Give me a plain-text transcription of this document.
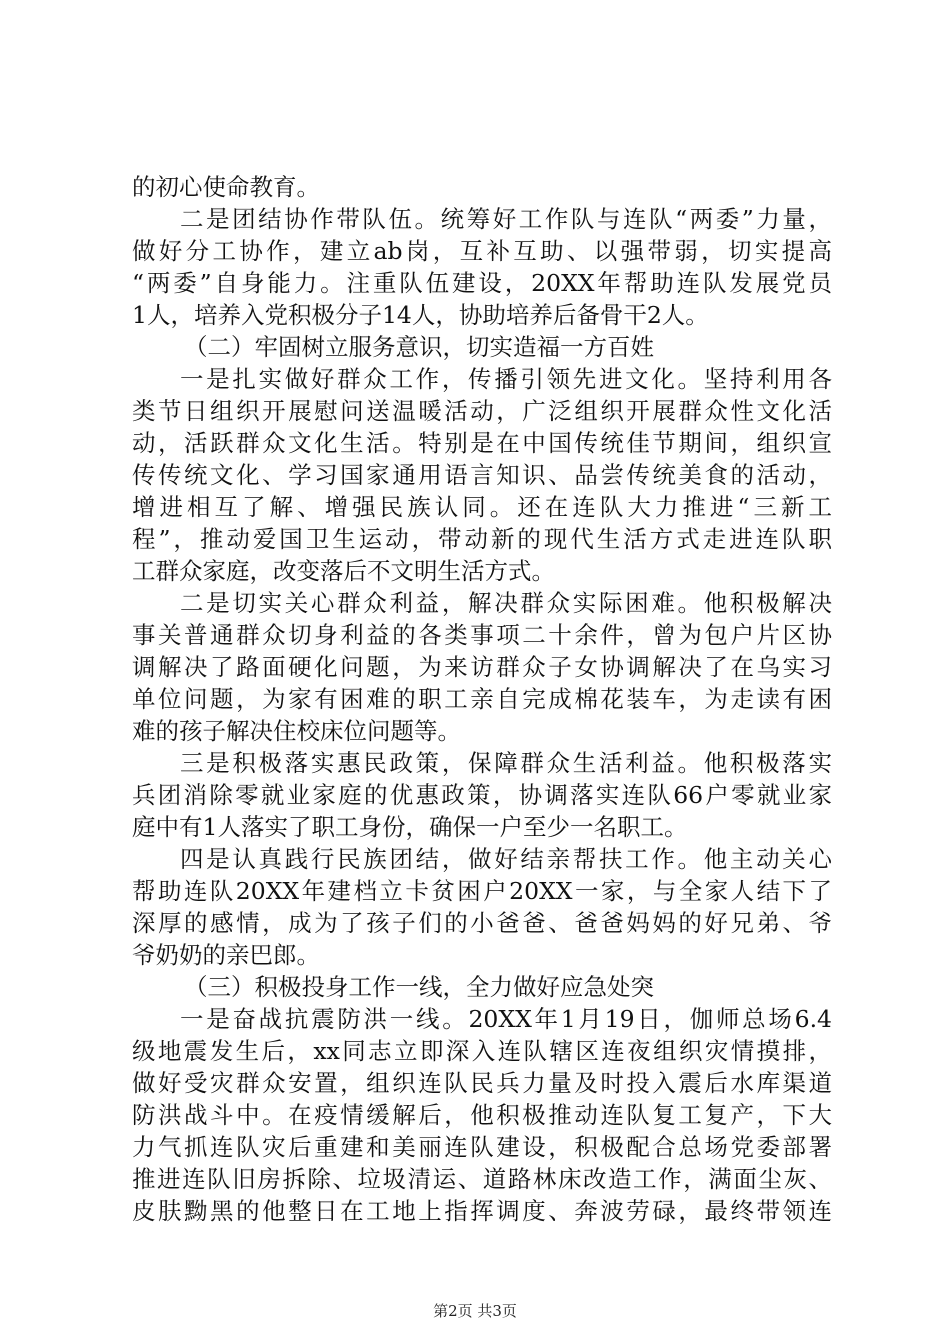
的初心使命教育。
二是团结协作带队伍。统筹好工作队与连队“两委”力量，
做好分工协作，建立ab岗，互补互助、以强带弱，切实提高
“两委”自身能力。注重队伍建设，20XX年帮助连队发展党员
1人，培养入党积极分子14人，协助培养后备骨干2人。
（二）牢固树立服务意识，切实造福一方百姓
一是扎实做好群众工作，传播引领先进文化。坚持利用各
类节日组织开展慰问送温暖活动，广泛组织开展群众性文化活
动，活跃群众文化生活。特别是在中国传统佳节期间，组织宣
传传统文化、学习国家通用语言知识、品尝传统美食的活动，
增进相互了解、增强民族认同。还在连队大力推进“三新工
程”，推动爱国卫生运动，带动新的现代生活方式走进连队职
工群众家庭，改变落后不文明生活方式。
二是切实关心群众利益，解决群众实际困难。他积极解决
事关普通群众切身利益的各类事项二十余件，曾为包户片区协
调解决了路面硬化问题，为来访群众子女协调解决了在乌实习
单位问题，为家有困难的职工亲自完成棉花装车，为走读有困
难的孩子解决住校床位问题等。
三是积极落实惠民政策，保障群众生活利益。他积极落实
兵团消除零就业家庭的优惠政策，协调落实连队66户零就业家
庭中有1人落实了职工身份，确保一户至少一名职工。
四是认真践行民族团结，做好结亲帮扶工作。他主动关心
帮助连队20XX年建档立卡贫困户20XX一家，与全家人结下了
深厚的感情，成为了孩子们的小爸爸、爸爸妈妈的好兄弟、爷
爷奶奶的亲巴郎。
（三）积极投身工作一线，全力做好应急处突
一是奋战抗震防洪一线。20XX年1月19日，伽师总场6.4
级地震发生后，xx同志立即深入连队辖区连夜组织灾情摸排，
做好受灾群众安置，组织连队民兵力量及时投入震后水库渠道
防洪战斗中。在疫情缓解后，他积极推动连队复工复产，下大
力气抓连队灾后重建和美丽连队建设，积极配合总场党委部署
推进连队旧房拆除、垃圾清运、道路林床改造工作，满面尘灰、
皮肤黝黑的他整日在工地上指挥调度、奔波劳碌，最终带领连
第2页 共3页
